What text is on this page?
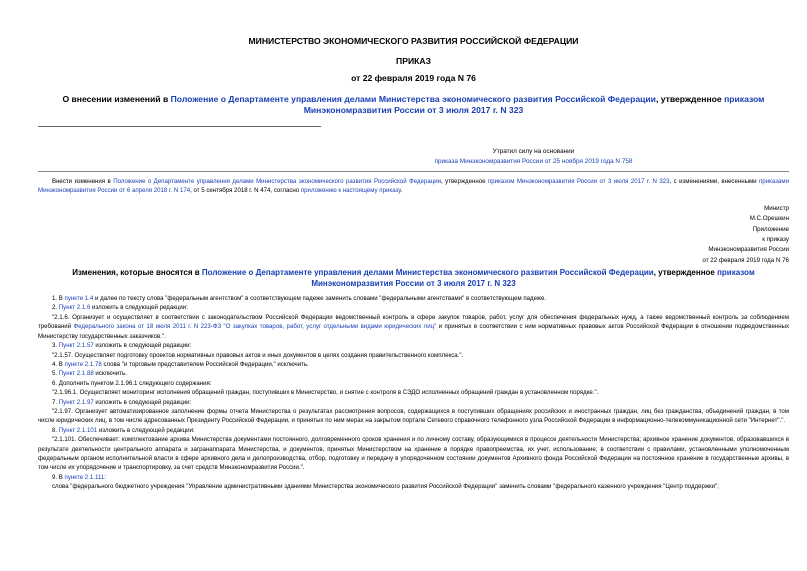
МИНИСТЕРСТВО ЭКОНОМИЧЕСКОГО РАЗВИТИЯ РОССИЙСКОЙ ФЕДЕРАЦИИ
ПРИКАЗ
от 22 февраля 2019 года N 76
О внесении изменений в Положение о Департаменте управления делами Министерства экономического развития Российской Федерации, утвержденное приказом Минэкономразвития России от 3 июля 2017 г. N 323
Утратил силу на основании
приказа Минэкономразвития России от 25 ноября 2019 года N 758

Внести изменения в Положение о Департаменте управления делами Министерства экономического развития Российской Федерации, утвержденное приказом Минэкономразвития России от 3 июля 2017 г. N 323, с изменениями, внесенными приказами Минэкономразвития России от 6 апреля 2018 г. N 174, от 5 сентября 2018 г. N 474, согласно приложению к настоящему приказу.

Министр
М.С.Орешкин
Приложение
к приказу
Минэкономразвития России
от 22 февраля 2019 года N 76
Изменения, которые вносятся в Положение о Департаменте управления делами Министерства экономического развития Российской Федерации, утвержденное приказом Минэкономразвития России от 3 июля 2017 г. N 323

1. В пункте 1.4 и далее по тексту слова "федеральным агентством" в соответствующем падеже заменить словами "федеральными агентствами" в соответствующем падеже.

2. Пункт 2.1.6 изложить в следующей редакции:

"2.1.6. Организует и осуществляет в соответствии с законодательством Российской Федерации ведомственный контроль в сфере закупок товаров, работ, услуг для обеспечения федеральных нужд, а также ведомственный контроль за соблюдением требований Федерального закона от 18 июля 2011 г. N 223-ФЗ "О закупках товаров, работ, услуг отдельными видами юридических лиц" и принятых в соответствии с ним нормативных правовых актов Российской Федерации в отношении подведомственных Министерству государственных заказчиков.".

3. Пункт 2.1.57 изложить в следующей редакции:

"2.1.57. Осуществляет подготовку проектов нормативных правовых актов и иных документов в целях создания правительственного комплекса.".

4. В пункте 2.1.78 слова "и торговым представителем Российской Федерации," исключить.

5. Пункт 2.1.88 исключить.

6. Дополнить пунктом 2.1.96.1 следующего содержания:

"2.1.96.1. Осуществляет мониторинг исполнения обращений граждан, поступивших в Министерство, и снятие с контроля в СЭДО исполненных обращений граждан в установленном порядке.".

7. Пункт 2.1.97 изложить в следующей редакции:

"2.1.97. Организует автоматизированное заполнение формы отчета Министерства о результатах рассмотрения вопросов, содержащихся в поступивших обращениях российских и иностранных граждан, лиц без гражданства, объединений граждан, в том числе юридических лиц, в том числе адресованных Президенту Российской Федерации, и принятых по ним мерах на закрытом портале Сетевого справочного телефонного узла Российской Федерации в информационно-телекоммуникационной сети "Интернет".".

8. Пункт 2.1.101 изложить в следующей редакции:

"2.1.101. Обеспечивает: комплектование архива Министерства документами постоянного, долговременного сроков хранения и по личному составу, образующимися в процессе деятельности Министерства; архивное хранение документов, образовавшихся в результате деятельности центрального аппарата и загранаппарата Министерства, и документов, принятых Министерством на хранение в порядке правопреемства, их учет, использование; в соответствии с правилами, установленными уполномоченным федеральным органом исполнительной власти в сфере архивного дела и делопроизводства, отбор, подготовку и передачу в упорядоченном состоянии документов Архивного фонда Российской Федерации на постоянное хранение в государственные архивы, в том числе их упорядочение и транспортировку, за счет средств Минэкономразвития России.".

9. В пункте 2.1.111:

слова "федерального бюджетного учреждения "Управление административными зданиями Министерства экономического развития Российской Федерации" заменить словами "федерального казенного учреждения "Центр поддержки";
